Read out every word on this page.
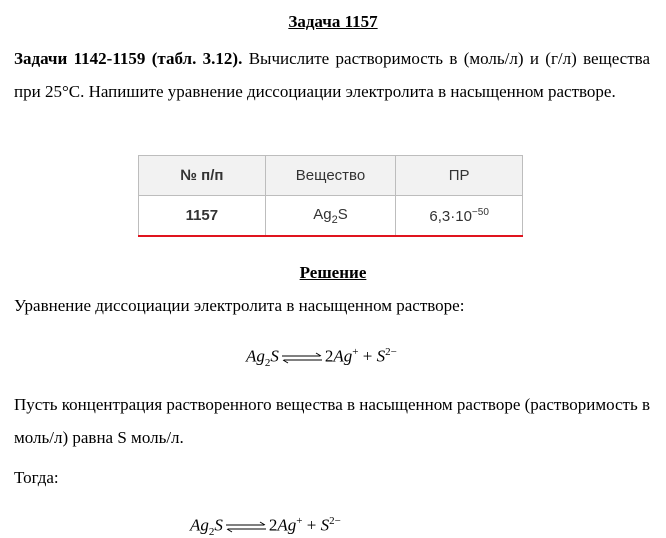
Задача 1157
Задачи 1142-1159 (табл. 3.12). Вычислите растворимость в (моль/л) и (г/л) вещества при 25°С. Напишите уравнение диссоциации электролита в насыщенном растворе.
№ п/п	Вещество	ПР
1157	$Ag_2S$	$6,3\cdot 10^{-50}$
Решение
Уравнение диссоциации электролита в насыщенном растворе:
$Ag_2S\rightleftharpoons 2Ag^+ + S^{2-}$
Пусть концентрация растворенного вещества в насыщенном растворе (растворимость в моль/л) равна S моль/л.
Тогда:
$Ag_2S\rightleftharpoons 2Ag^+ + S^{2-}$
